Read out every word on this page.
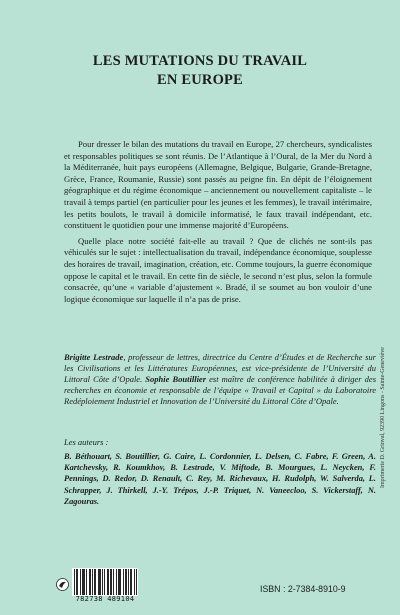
LES MUTATIONS DU TRAVAIL
EN EUROPE

Pour dresser le bilan des mutations du travail en Europe, 27 chercheurs, syndicalistes et responsables politiques se sont réunis. De l’Atlantique à l’Oural, de la Mer du Nord à la Méditerranée, huit pays européens (Allemagne, Belgique, Bulgarie, Grande-Bretagne, Grèce, France, Roumanie, Russie) sont passés au peigne fin. En dépit de l’éloignement géographique et du régime économique – anciennement ou nouvellement capitaliste – le travail à temps partiel (en particulier pour les jeunes et les femmes), le travail intérimaire, les petits boulots, le travail à domicile informatisé, le faux travail indépendant, etc. constituent le quotidien pour une immense majorité d’Européens.

Quelle place notre société fait-elle au travail ? Que de clichés ne sont-ils pas véhiculés sur le sujet : intellectualisation du travail, indépendance économique, souplesse des horaires de travail, imagination, création, etc. Comme toujours, la guerre économique oppose le capital et le travail. En cette fin de siècle, le second n’est plus, selon la formule consacrée, qu’une « variable d’ajustement ». Bradé, il se soumet au bon vouloir d’une logique économique sur laquelle il n’a pas de prise.

Brigitte Lestrade, professeur de lettres, directrice du Centre d’Études et de Recherche sur les Civilisations et les Littératures Européennes, est vice-présidente de l’Université du Littoral Côte d’Opale. Sophie Boutillier est maître de conférence habilitée à diriger des recherches en économie et responsable de l’équipe « Travail et Capital » du Laboratoire Redéploiement Industriel et Innovation de l’Université du Littoral Côte d’Opale.
Les auteurs :
B. Béthouart, S. Boutillier, G. Caire, L. Cordonnier, L. Delsen, C. Fabre, F. Green, A. Kartchevsky, R. Koumkhov, B. Lestrade, V. Miftode, B. Mourgues, L. Neycken, F. Pennings, D. Redor, D. Renault, C. Rey, M. Richevaux, H. Rudolph, W. Salverda, L. Schrapper, J. Thirkell, J.-Y. Trépos, J.-P. Triquet, N. Vaneecloo, S. Vickerstaff, N. Zagouras.
Imprimerie D. Grinval, 92390 Lingons - Sainte-Geneviève
782738 489104
ISBN : 2-7384-8910-9
